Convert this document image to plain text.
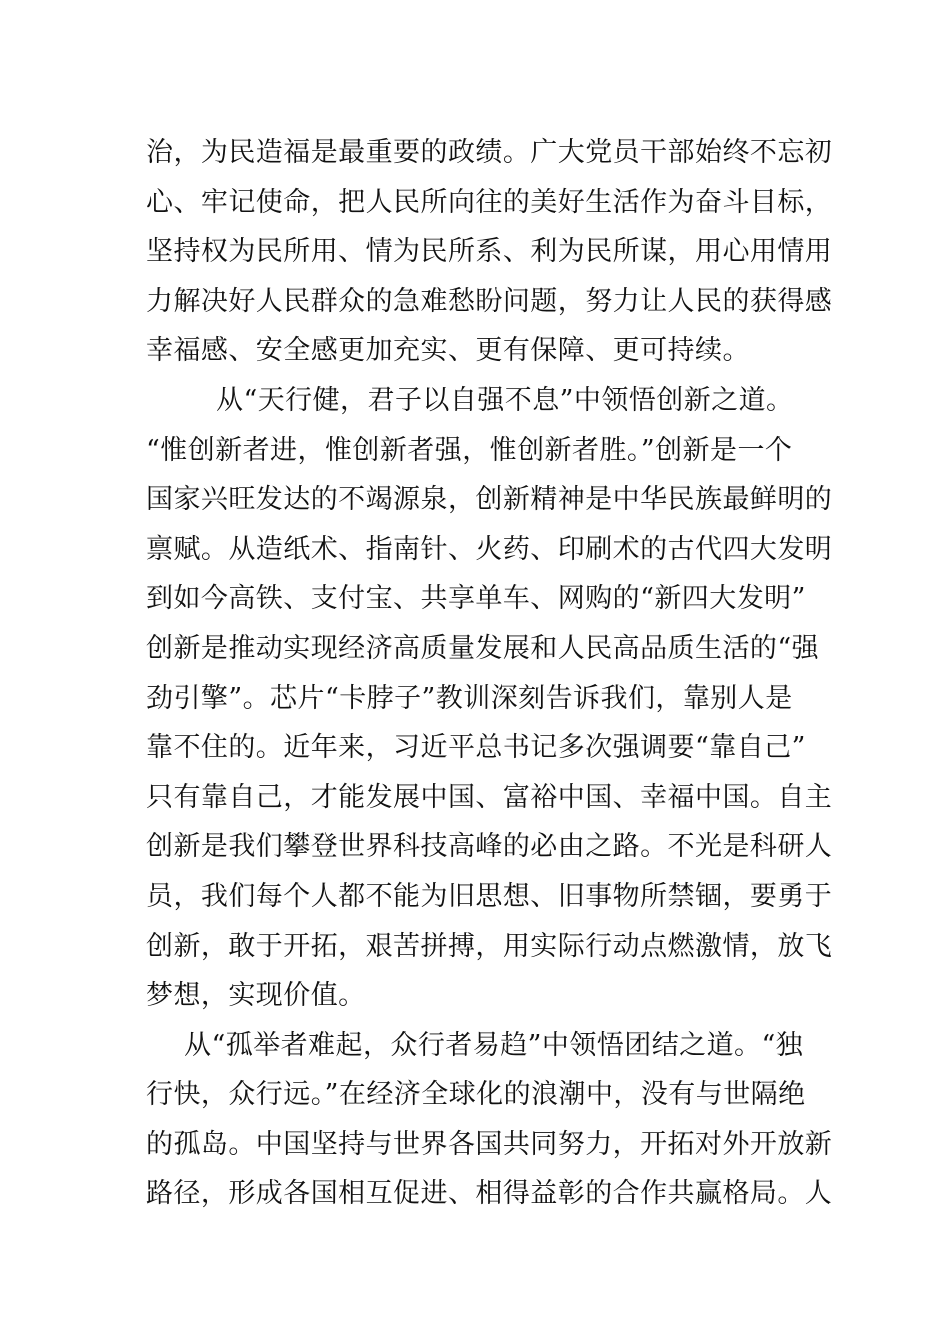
治，为民造福是最重要的政绩。广大党员干部始终不忘初
心、牢记使命，把人民所向往的美好生活作为奋斗目标，
坚持权为民所用、情为民所系、利为民所谋，用心用情用
力解决好人民群众的急难愁盼问题，努力让人民的获得感
幸福感、安全感更加充实、更有保障、更可持续。
从“天行健，君子以自强不息”中领悟创新之道。
“惟创新者进，惟创新者强，惟创新者胜。”创新是一个
国家兴旺发达的不竭源泉，创新精神是中华民族最鲜明的
禀赋。从造纸术、指南针、火药、印刷术的古代四大发明
到如今高铁、支付宝、共享单车、网购的“新四大发明”
创新是推动实现经济高质量发展和人民高品质生活的“强
劲引擎”。芯片“卡脖子”教训深刻告诉我们，靠别人是
靠不住的。近年来，习近平总书记多次强调要“靠自己”
只有靠自己，才能发展中国、富裕中国、幸福中国。自主
创新是我们攀登世界科技高峰的必由之路。不光是科研人
员，我们每个人都不能为旧思想、旧事物所禁锢，要勇于
创新，敢于开拓，艰苦拼搏，用实际行动点燃激情，放飞
梦想，实现价值。
从“孤举者难起，众行者易趋”中领悟团结之道。“独
行快，众行远。”在经济全球化的浪潮中，没有与世隔绝
的孤岛。中国坚持与世界各国共同努力，开拓对外开放新
路径，形成各国相互促进、相得益彰的合作共赢格局。人
